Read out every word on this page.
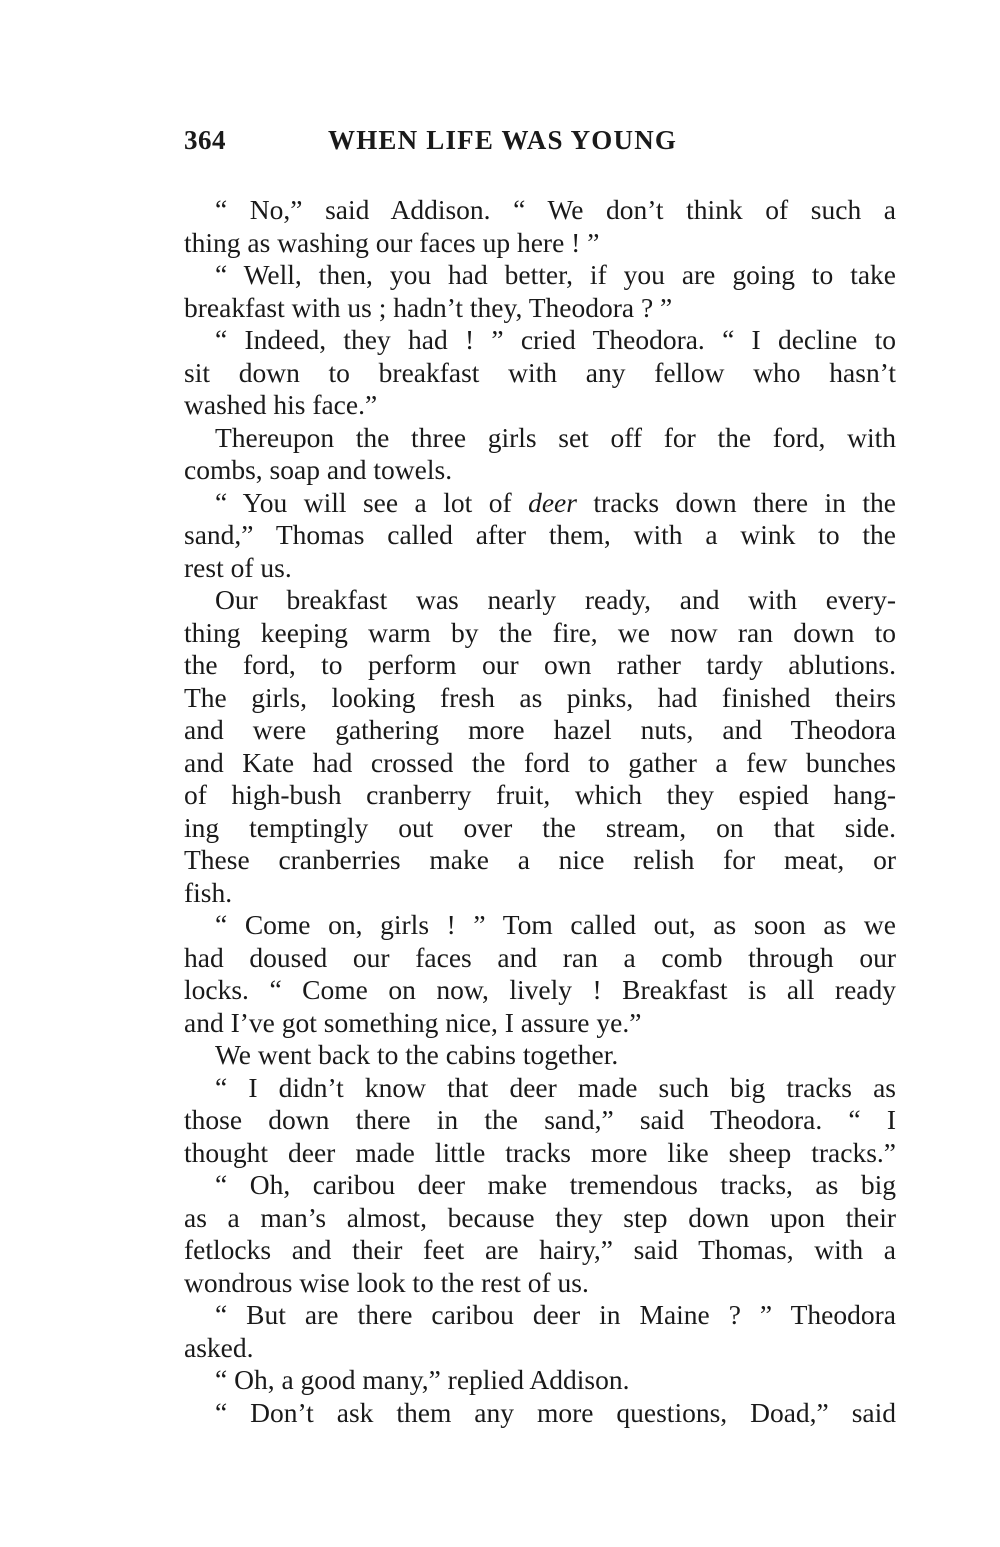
364	WHEN LIFE WAS YOUNG
“ No,” said Addison. “ We don’t think of such a
thing as washing our faces up here ! ”
“ Well, then, you had better, if you are going to take
breakfast with us ; hadn’t they, Theodora ? ”
“ Indeed, they had ! ” cried Theodora. “ I decline to
sit down to breakfast with any fellow who hasn’t
washed his face.”
Thereupon the three girls set off for the ford, with
combs, soap and towels.
“ You will see a lot of deer tracks down there in the
sand,” Thomas called after them, with a wink to the
rest of us.
Our breakfast was nearly ready, and with every-
thing keeping warm by the fire, we now ran down to
the ford, to perform our own rather tardy ablutions.
The girls, looking fresh as pinks, had finished theirs
and were gathering more hazel nuts, and Theodora
and Kate had crossed the ford to gather a few bunches
of high-bush cranberry fruit, which they espied hang-
ing temptingly out over the stream, on that side.
These cranberries make a nice relish for meat, or
fish.
“ Come on, girls ! ” Tom called out, as soon as we
had doused our faces and ran a comb through our
locks. “ Come on now, lively ! Breakfast is all ready
and I’ve got something nice, I assure ye.”
We went back to the cabins together.
“ I didn’t know that deer made such big tracks as
those down there in the sand,” said Theodora. “ I
thought deer made little tracks more like sheep tracks.”
“ Oh, caribou deer make tremendous tracks, as big
as a man’s almost, because they step down upon their
fetlocks and their feet are hairy,” said Thomas, with a
wondrous wise look to the rest of us.
“ But are there caribou deer in Maine ? ” Theodora
asked.
“ Oh, a good many,” replied Addison.
“ Don’t ask them any more questions, Doad,” said
